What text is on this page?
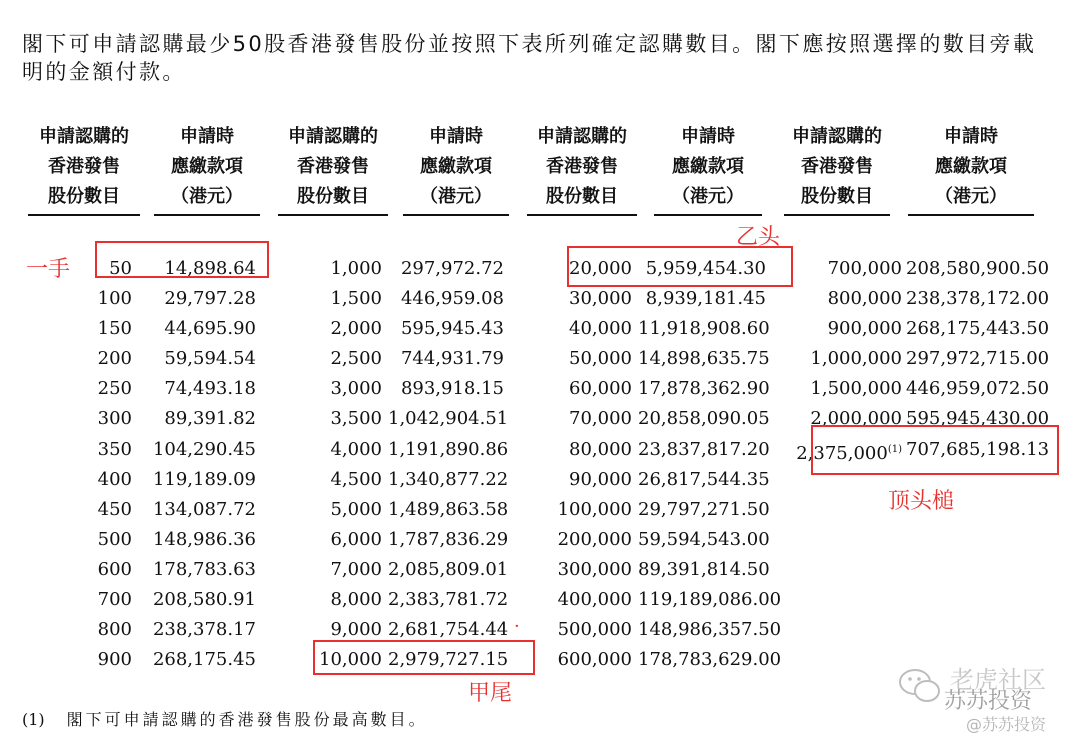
閣下可申請認購最少50股香港發售股份並按照下表所列確定認購數目。閣下應按照選擇的數目旁載明的金額付款。
申請認購的
香港發售

股份數目
申請時
應繳款項

（港元）
申請認購的
香港發售

股份數目
申請時
應繳款項

（港元）
申請認購的
香港發售

股份數目
申請時
應繳款項

（港元）
申請認購的
香港發售

股份數目
申請時
應繳款項

（港元）
50
100
150
200
250
300
350
400
450
500
600
700
800
900
14,898.64
29,797.28
44,695.90
59,594.54
74,493.18
89,391.82
104,290.45
119,189.09
134,087.72
148,986.36
178,783.63
208,580.91
238,378.17
268,175.45
1,000
1,500
2,000
2,500
3,000
3,500
4,000
4,500
5,000
6,000
7,000
8,000
9,000
10,000
297,972.72
446,959.08
595,945.43
744,931.79
893,918.15
1,042,904.51
1,191,890.86
1,340,877.22
1,489,863.58
1,787,836.29
2,085,809.01
2,383,781.72
2,681,754.44
2,979,727.15
20,000
30,000
40,000
50,000
60,000
70,000
80,000
90,000
100,000
200,000
300,000
400,000
500,000
600,000
5,959,454.30
8,939,181.45
11,918,908.60
14,898,635.75
17,878,362.90
20,858,090.05
23,837,817.20
26,817,544.35
29,797,271.50
59,594,543.00
89,391,814.50
119,189,086.00
148,986,357.50
178,783,629.00
700,000
800,000
900,000
1,000,000
1,500,000
2,000,000
2,375,000$^{(1)}$
208,580,900.50
238,378,172.00
268,175,443.50
297,972,715.00
446,959,072.50
595,945,430.00
707,685,198.13
一手
乙头
甲尾
顶头槌
·
(1) 閣下可申請認購的香港發售股份最高數目。
老虎社区
苏苏投资
@苏苏投资
